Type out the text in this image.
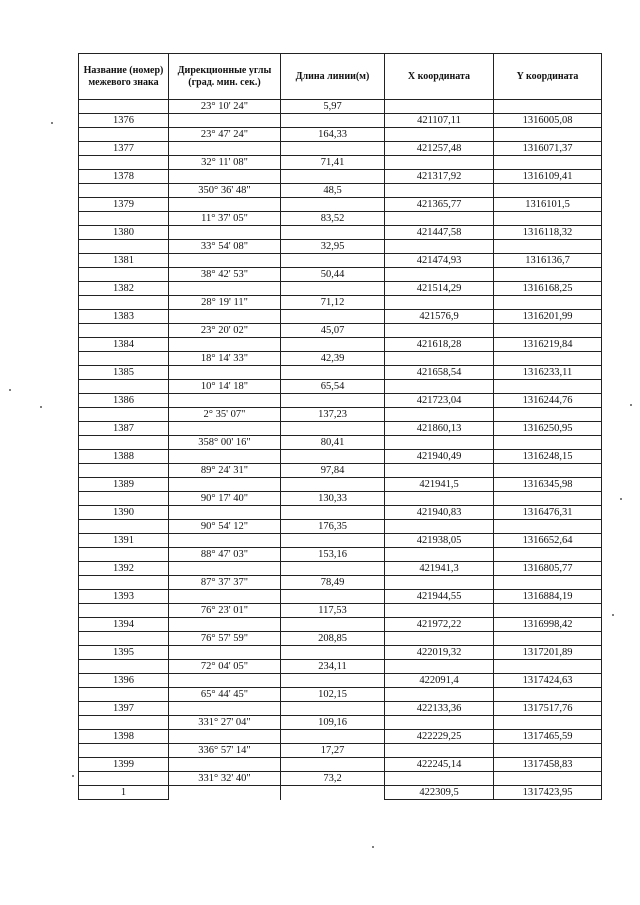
Название (номер) межевого знака	Дирекционные углы (град. мин. сек.)	Длина линии(м)	X координата	Y координата
	23° 10' 24"	5,97		
1376			421107,11	1316005,08
	23° 47' 24"	164,33		
1377			421257,48	1316071,37
	32° 11' 08"	71,41		
1378			421317,92	1316109,41
	350° 36' 48"	48,5		
1379			421365,77	1316101,5
	11° 37' 05"	83,52		
1380			421447,58	1316118,32
	33° 54' 08"	32,95		
1381			421474,93	1316136,7
	38° 42' 53"	50,44		
1382			421514,29	1316168,25
	28° 19' 11"	71,12		
1383			421576,9	1316201,99
	23° 20' 02"	45,07		
1384			421618,28	1316219,84
	18° 14' 33"	42,39		
1385			421658,54	1316233,11
	10° 14' 18"	65,54		
1386			421723,04	1316244,76
	2° 35' 07"	137,23		
1387			421860,13	1316250,95
	358° 00' 16"	80,41		
1388			421940,49	1316248,15
	89° 24' 31"	97,84		
1389			421941,5	1316345,98
	90° 17' 40"	130,33		
1390			421940,83	1316476,31
	90° 54' 12"	176,35		
1391			421938,05	1316652,64
	88° 47' 03"	153,16		
1392			421941,3	1316805,77
	87° 37' 37"	78,49		
1393			421944,55	1316884,19
	76° 23' 01"	117,53		
1394			421972,22	1316998,42
	76° 57' 59"	208,85		
1395			422019,32	1317201,89
	72° 04' 05"	234,11		
1396			422091,4	1317424,63
	65° 44' 45"	102,15		
1397			422133,36	1317517,76
	331° 27' 04"	109,16		
1398			422229,25	1317465,59
	336° 57' 14"	17,27		
1399			422245,14	1317458,83
	331° 32' 40"	73,2		
1			422309,5	1317423,95
